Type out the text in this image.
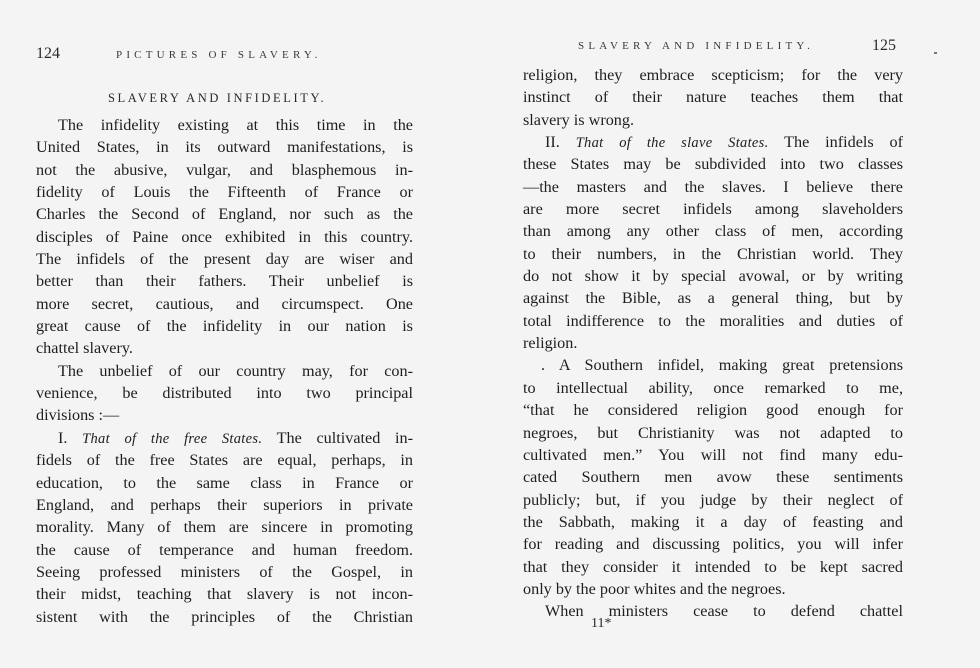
124	PICTURES OF SLAVERY.
SLAVERY AND INFIDELITY.
The infidelity existing at this time in the
United States, in its outward manifestations, is
not the abusive, vulgar, and blasphemous in-
fidelity of Louis the Fifteenth of France or
Charles the Second of England, nor such as the
disciples of Paine once exhibited in this country.
The infidels of the present day are wiser and
better than their fathers. Their unbelief is
more secret, cautious, and circumspect. One
great cause of the infidelity in our nation is
chattel slavery.
The unbelief of our country may, for con-
venience, be distributed into two principal
divisions :—
I. That of the free States. The cultivated in-
fidels of the free States are equal, perhaps, in
education, to the same class in France or
England, and perhaps their superiors in private
morality. Many of them are sincere in promoting
the cause of temperance and human freedom.
Seeing professed ministers of the Gospel, in
their midst, teaching that slavery is not incon-
sistent with the principles of the Christian
SLAVERY AND INFIDELITY.	125
religion, they embrace scepticism; for the very
instinct of their nature teaches them that
slavery is wrong.
II. That of the slave States. The infidels of
these States may be subdivided into two classes
—the masters and the slaves. I believe there
are more secret infidels among slaveholders
than among any other class of men, according
to their numbers, in the Christian world. They
do not show it by special avowal, or by writing
against the Bible, as a general thing, but by
total indifference to the moralities and duties of
religion.
. A Southern infidel, making great pretensions
to intellectual ability, once remarked to me,
“that he considered religion good enough for
negroes, but Christianity was not adapted to
cultivated men.” You will not find many edu-
cated Southern men avow these sentiments
publicly; but, if you judge by their neglect of
the Sabbath, making it a day of feasting and
for reading and discussing politics, you will infer
that they consider it intended to be kept sacred
only by the poor whites and the negroes.
When ministers cease to defend chattel
11*
